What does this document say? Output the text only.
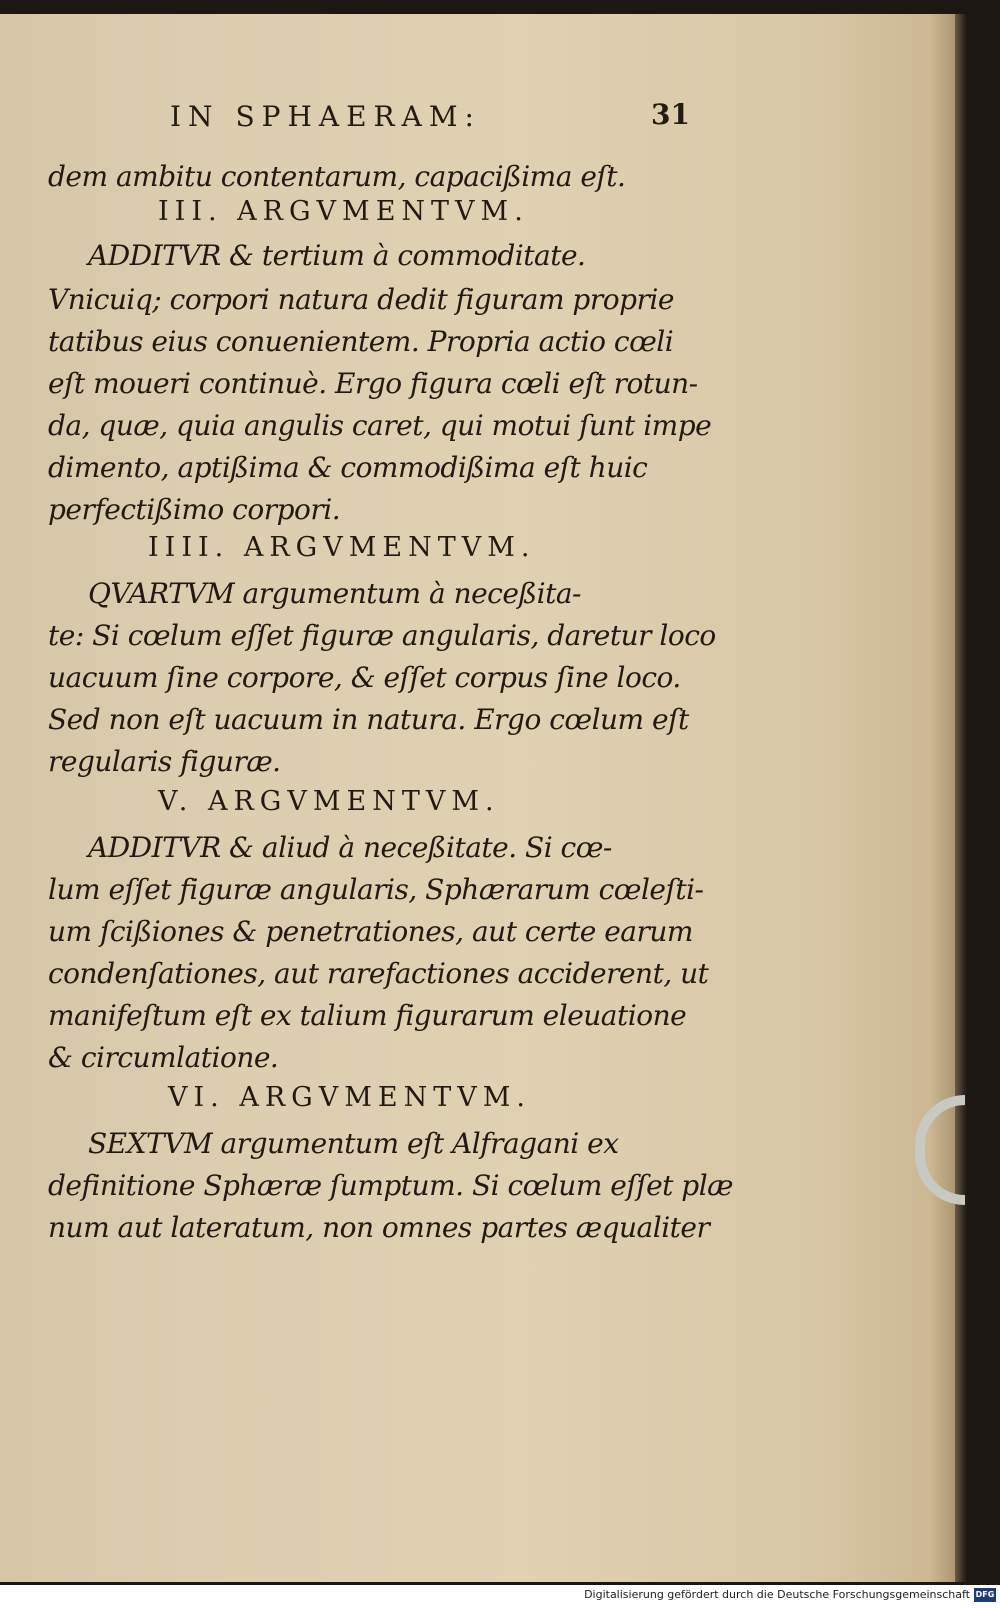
IN SPHAERAM:	31
dem ambitu contentarum, capacißima eſt.
III. ARGVMENTVM.
ADDITVR & tertium à commoditate.
Vnicuiq; corpori natura dedit figuram proprie
tatibus eius conuenientem. Propria actio cœli
eſt moueri continuè. Ergo figura cœli eſt rotun-
da, quæ, quia angulis caret, qui motui ſunt impe
dimento, aptißima & commodißima eſt huic
perfectißimo corpori.
IIII. ARGVMENTVM.
QVARTVM argumentum à neceßita-
te: Si cœlum eſſet figuræ angularis, daretur loco
uacuum ſine corpore, & eſſet corpus ſine loco.
Sed non eſt uacuum in natura. Ergo cœlum eſt
regularis figuræ.
V. ARGVMENTVM.
ADDITVR & aliud à neceßitate. Si cœ-
lum eſſet figuræ angularis, Sphærarum cœleſti-
um ſcißiones & penetrationes, aut certe earum
condenſationes, aut rarefactiones acciderent, ut
manifeſtum eſt ex talium figurarum eleuatione
& circumlatione.
VI. ARGVMENTVM.
SEXTVM argumentum eſt Alfragani ex
definitione Sphæræ ſumptum. Si cœlum eſſet plæ
num aut lateratum, non omnes partes æqualiter
Digitalisierung gefördert durch die Deutsche Forschungsgemeinschaft DFG
